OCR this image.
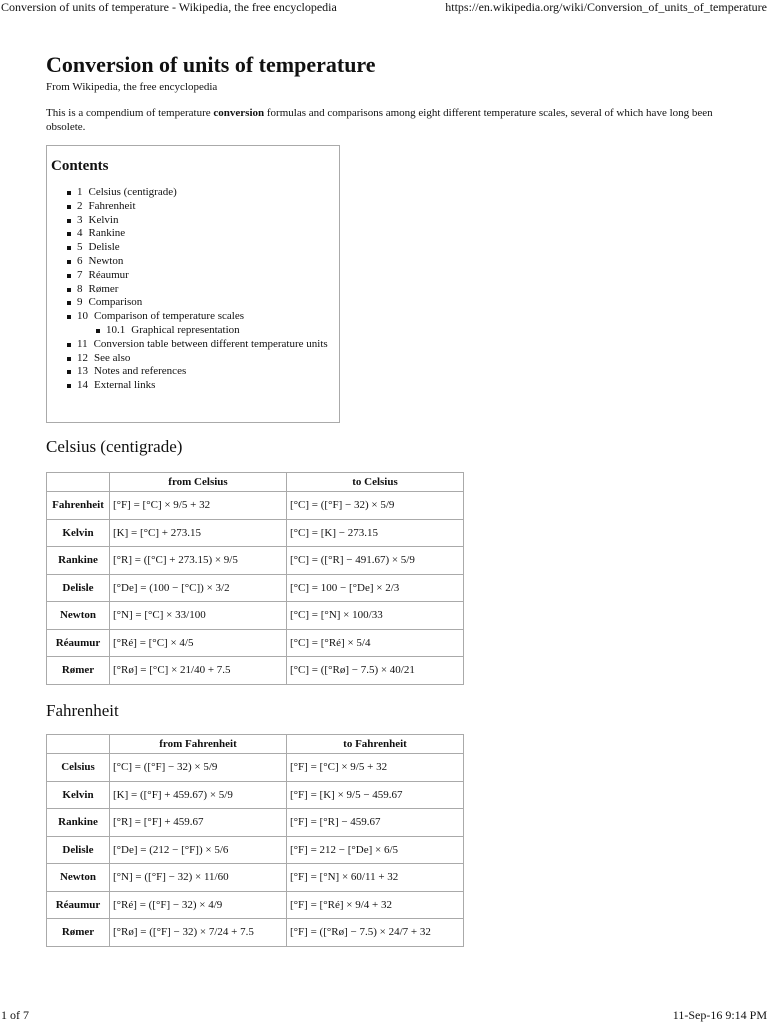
Conversion of units of temperature - Wikipedia, the free encyclopedia	https://en.wikipedia.org/wiki/Conversion_of_units_of_temperature
Conversion of units of temperature
From Wikipedia, the free encyclopedia
This is a compendium of temperature conversion formulas and comparisons among eight different temperature scales, several of which have long been obsolete.
Contents
1 Celsius (centigrade)
2 Fahrenheit
3 Kelvin
4 Rankine
5 Delisle
6 Newton
7 Réaumur
8 Rømer
9 Comparison
10 Comparison of temperature scales
10.1 Graphical representation
11 Conversion table between different temperature units
12 See also
13 Notes and references
14 External links
Celsius (centigrade)
	from Celsius	to Celsius
Fahrenheit	[°F] = [°C] × 9/5 + 32	[°C] = ([°F] − 32) × 5/9
Kelvin	[K] = [°C] + 273.15	[°C] = [K] − 273.15
Rankine	[°R] = ([°C] + 273.15) × 9/5	[°C] = ([°R] − 491.67) × 5/9
Delisle	[°De] = (100 − [°C]) × 3/2	[°C] = 100 − [°De] × 2/3
Newton	[°N] = [°C] × 33/100	[°C] = [°N] × 100/33
Réaumur	[°Ré] = [°C] × 4/5	[°C] = [°Ré] × 5/4
Rømer	[°Rø] = [°C] × 21/40 + 7.5	[°C] = ([°Rø] − 7.5) × 40/21
Fahrenheit
	from Fahrenheit	to Fahrenheit
Celsius	[°C] = ([°F] − 32) × 5/9	[°F] = [°C] × 9/5 + 32
Kelvin	[K] = ([°F] + 459.67) × 5/9	[°F] = [K] × 9/5 − 459.67
Rankine	[°R] = [°F] + 459.67	[°F] = [°R] − 459.67
Delisle	[°De] = (212 − [°F]) × 5/6	[°F] = 212 − [°De] × 6/5
Newton	[°N] = ([°F] − 32) × 11/60	[°F] = [°N] × 60/11 + 32
Réaumur	[°Ré] = ([°F] − 32) × 4/9	[°F] = [°Ré] × 9/4 + 32
Rømer	[°Rø] = ([°F] − 32) × 7/24 + 7.5	[°F] = ([°Rø] − 7.5) × 24/7 + 32
1 of 7	11-Sep-16 9:14 PM
